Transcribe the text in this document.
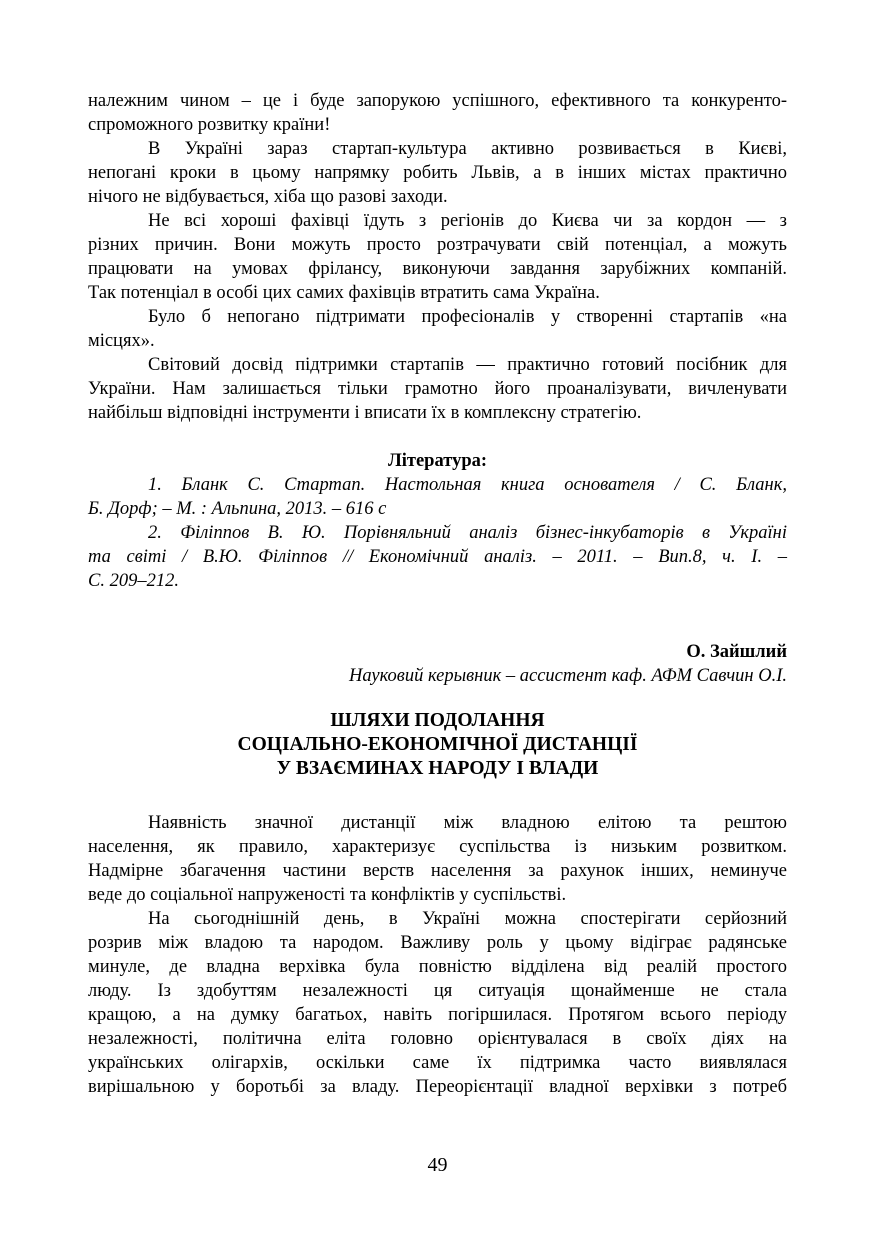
належним чином – це і буде запорукою успішного, ефективного та конкуренто-
спроможного розвитку країни!
В Україні зараз стартап-культура активно розвивається в Києві,
непогані кроки в цьому напрямку робить Львів, а в інших містах практично
нічого не відбувається, хіба що разові заходи.
Не всі хороші фахівці їдуть з регіонів до Києва чи за кордон — з
різних причин. Вони можуть просто розтрачувати свій потенціал, а можуть
працювати на умовах фрілансу, виконуючи завдання зарубіжних компаній.
Так потенціал в особі цих самих фахівців втратить сама Україна.
Було б непогано підтримати професіоналів у створенні стартапів «на
місцях».
Світовий досвід підтримки стартапів — практично готовий посібник для
України. Нам залишається тільки грамотно його проаналізувати, вичленувати
найбільш відповідні інструменти і вписати їх в комплексну стратегію.
Література:
1. Бланк С. Стартап. Настольная книга основателя / С. Бланк,
Б. Дорф; – М. : Альпина, 2013. – 616 с
2. Філіппов В. Ю. Порівняльний аналіз бізнес-інкубаторів в Україні
та світі / В.Ю. Філіппов // Економічний аналіз. – 2011. – Вип.8, ч. І. –
С. 209–212.
О. Зайшлий
Науковий керывник – ассистент каф. АФМ Савчин О.І.
ШЛЯХИ ПОДОЛАННЯ
СОЦІАЛЬНО-ЕКОНОМІЧНОЇ ДИСТАНЦІЇ
У ВЗАЄМИНАХ НАРОДУ І ВЛАДИ
Наявність значної дистанції між владною елітою та рештою
населення, як правило, характеризує суспільства із низьким розвитком.
Надмірне збагачення частини верств населення за рахунок інших, неминуче
веде до соціальної напруженості та конфліктів у суспільстві.
На сьогоднішній день, в Україні можна спостерігати серйозний
розрив між владою та народом. Важливу роль у цьому відіграє радянське
минуле, де владна верхівка була повністю відділена від реалій простого
люду. Із здобуттям незалежності ця ситуація щонайменше не стала
кращою, а на думку багатьох, навіть погіршилася. Протягом всього періоду
незалежності, політична еліта головно орієнтувалася в своїх діях на
українських олігархів, оскільки саме їх підтримка часто виявлялася
вирішальною у боротьбі за владу. Переорієнтації владної верхівки з потреб
49
